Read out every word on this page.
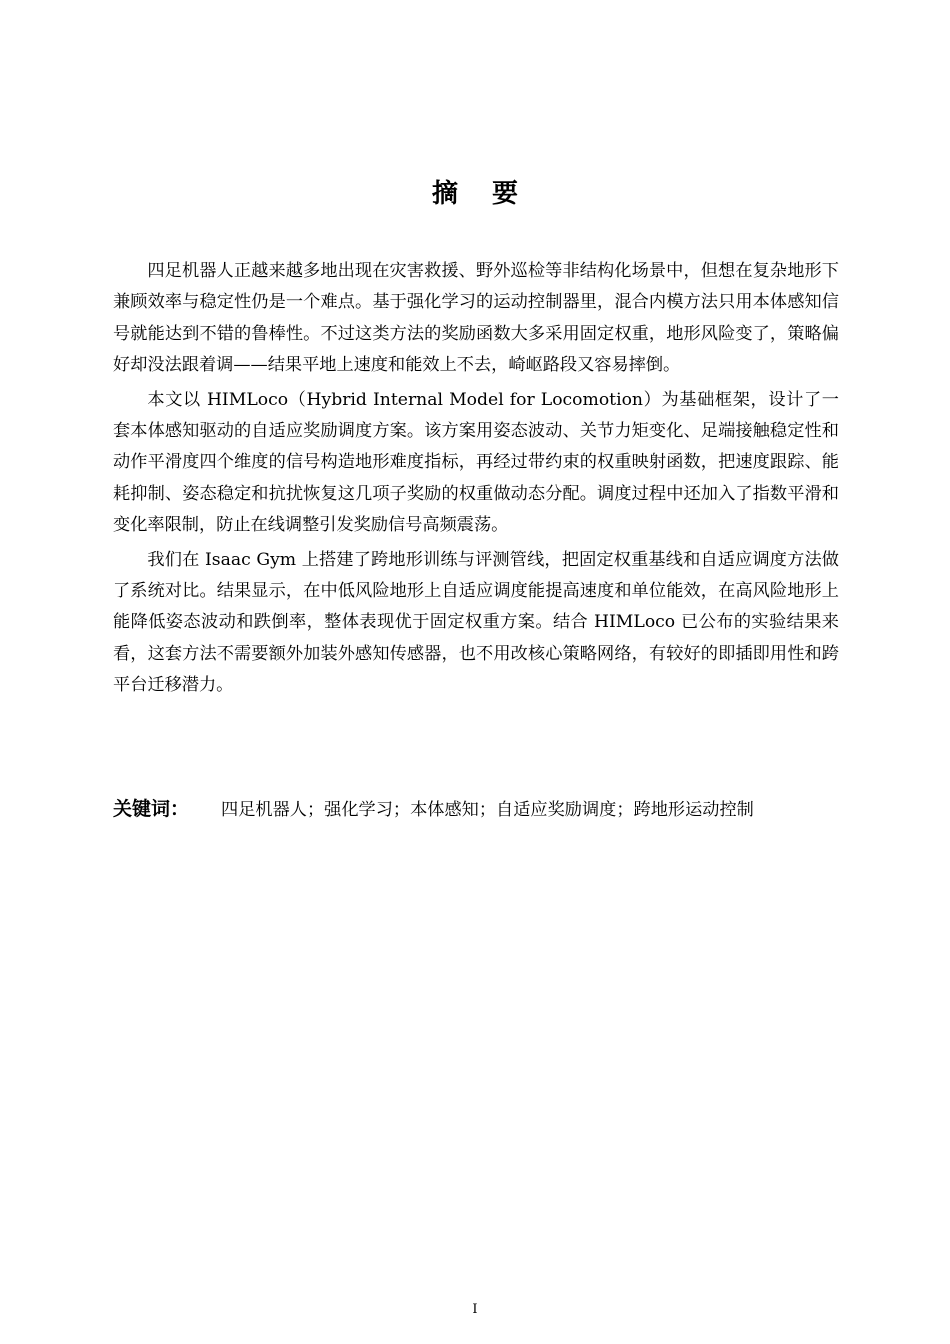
摘要

四足机器人正越来越多地出现在灾害救援、野外巡检等非结构化场景中，但想在复杂地形下兼顾效率与稳定性仍是一个难点。基于强化学习的运动控制器里，混合内模方法只用本体感知信号就能达到不错的鲁棒性。不过这类方法的奖励函数大多采用固定权重，地形风险变了，策略偏好却没法跟着调——结果平地上速度和能效上不去，崎岖路段又容易摔倒。

本文以 HIMLoco（Hybrid Internal Model for Locomotion）为基础框架，设计了一套本体感知驱动的自适应奖励调度方案。该方案用姿态波动、关节力矩变化、足端接触稳定性和动作平滑度四个维度的信号构造地形难度指标，再经过带约束的权重映射函数，把速度跟踪、能耗抑制、姿态稳定和抗扰恢复这几项子奖励的权重做动态分配。调度过程中还加入了指数平滑和变化率限制，防止在线调整引发奖励信号高频震荡。

我们在 Isaac Gym 上搭建了跨地形训练与评测管线，把固定权重基线和自适应调度方法做了系统对比。结果显示，在中低风险地形上自适应调度能提高速度和单位能效，在高风险地形上能降低姿态波动和跌倒率，整体表现优于固定权重方案。结合 HIMLoco 已公布的实验结果来看，这套方法不需要额外加装外感知传感器，也不用改核心策略网络，有较好的即插即用性和跨平台迁移潜力。

关键词： 四足机器人；强化学习；本体感知；自适应奖励调度；跨地形运动控制
I
